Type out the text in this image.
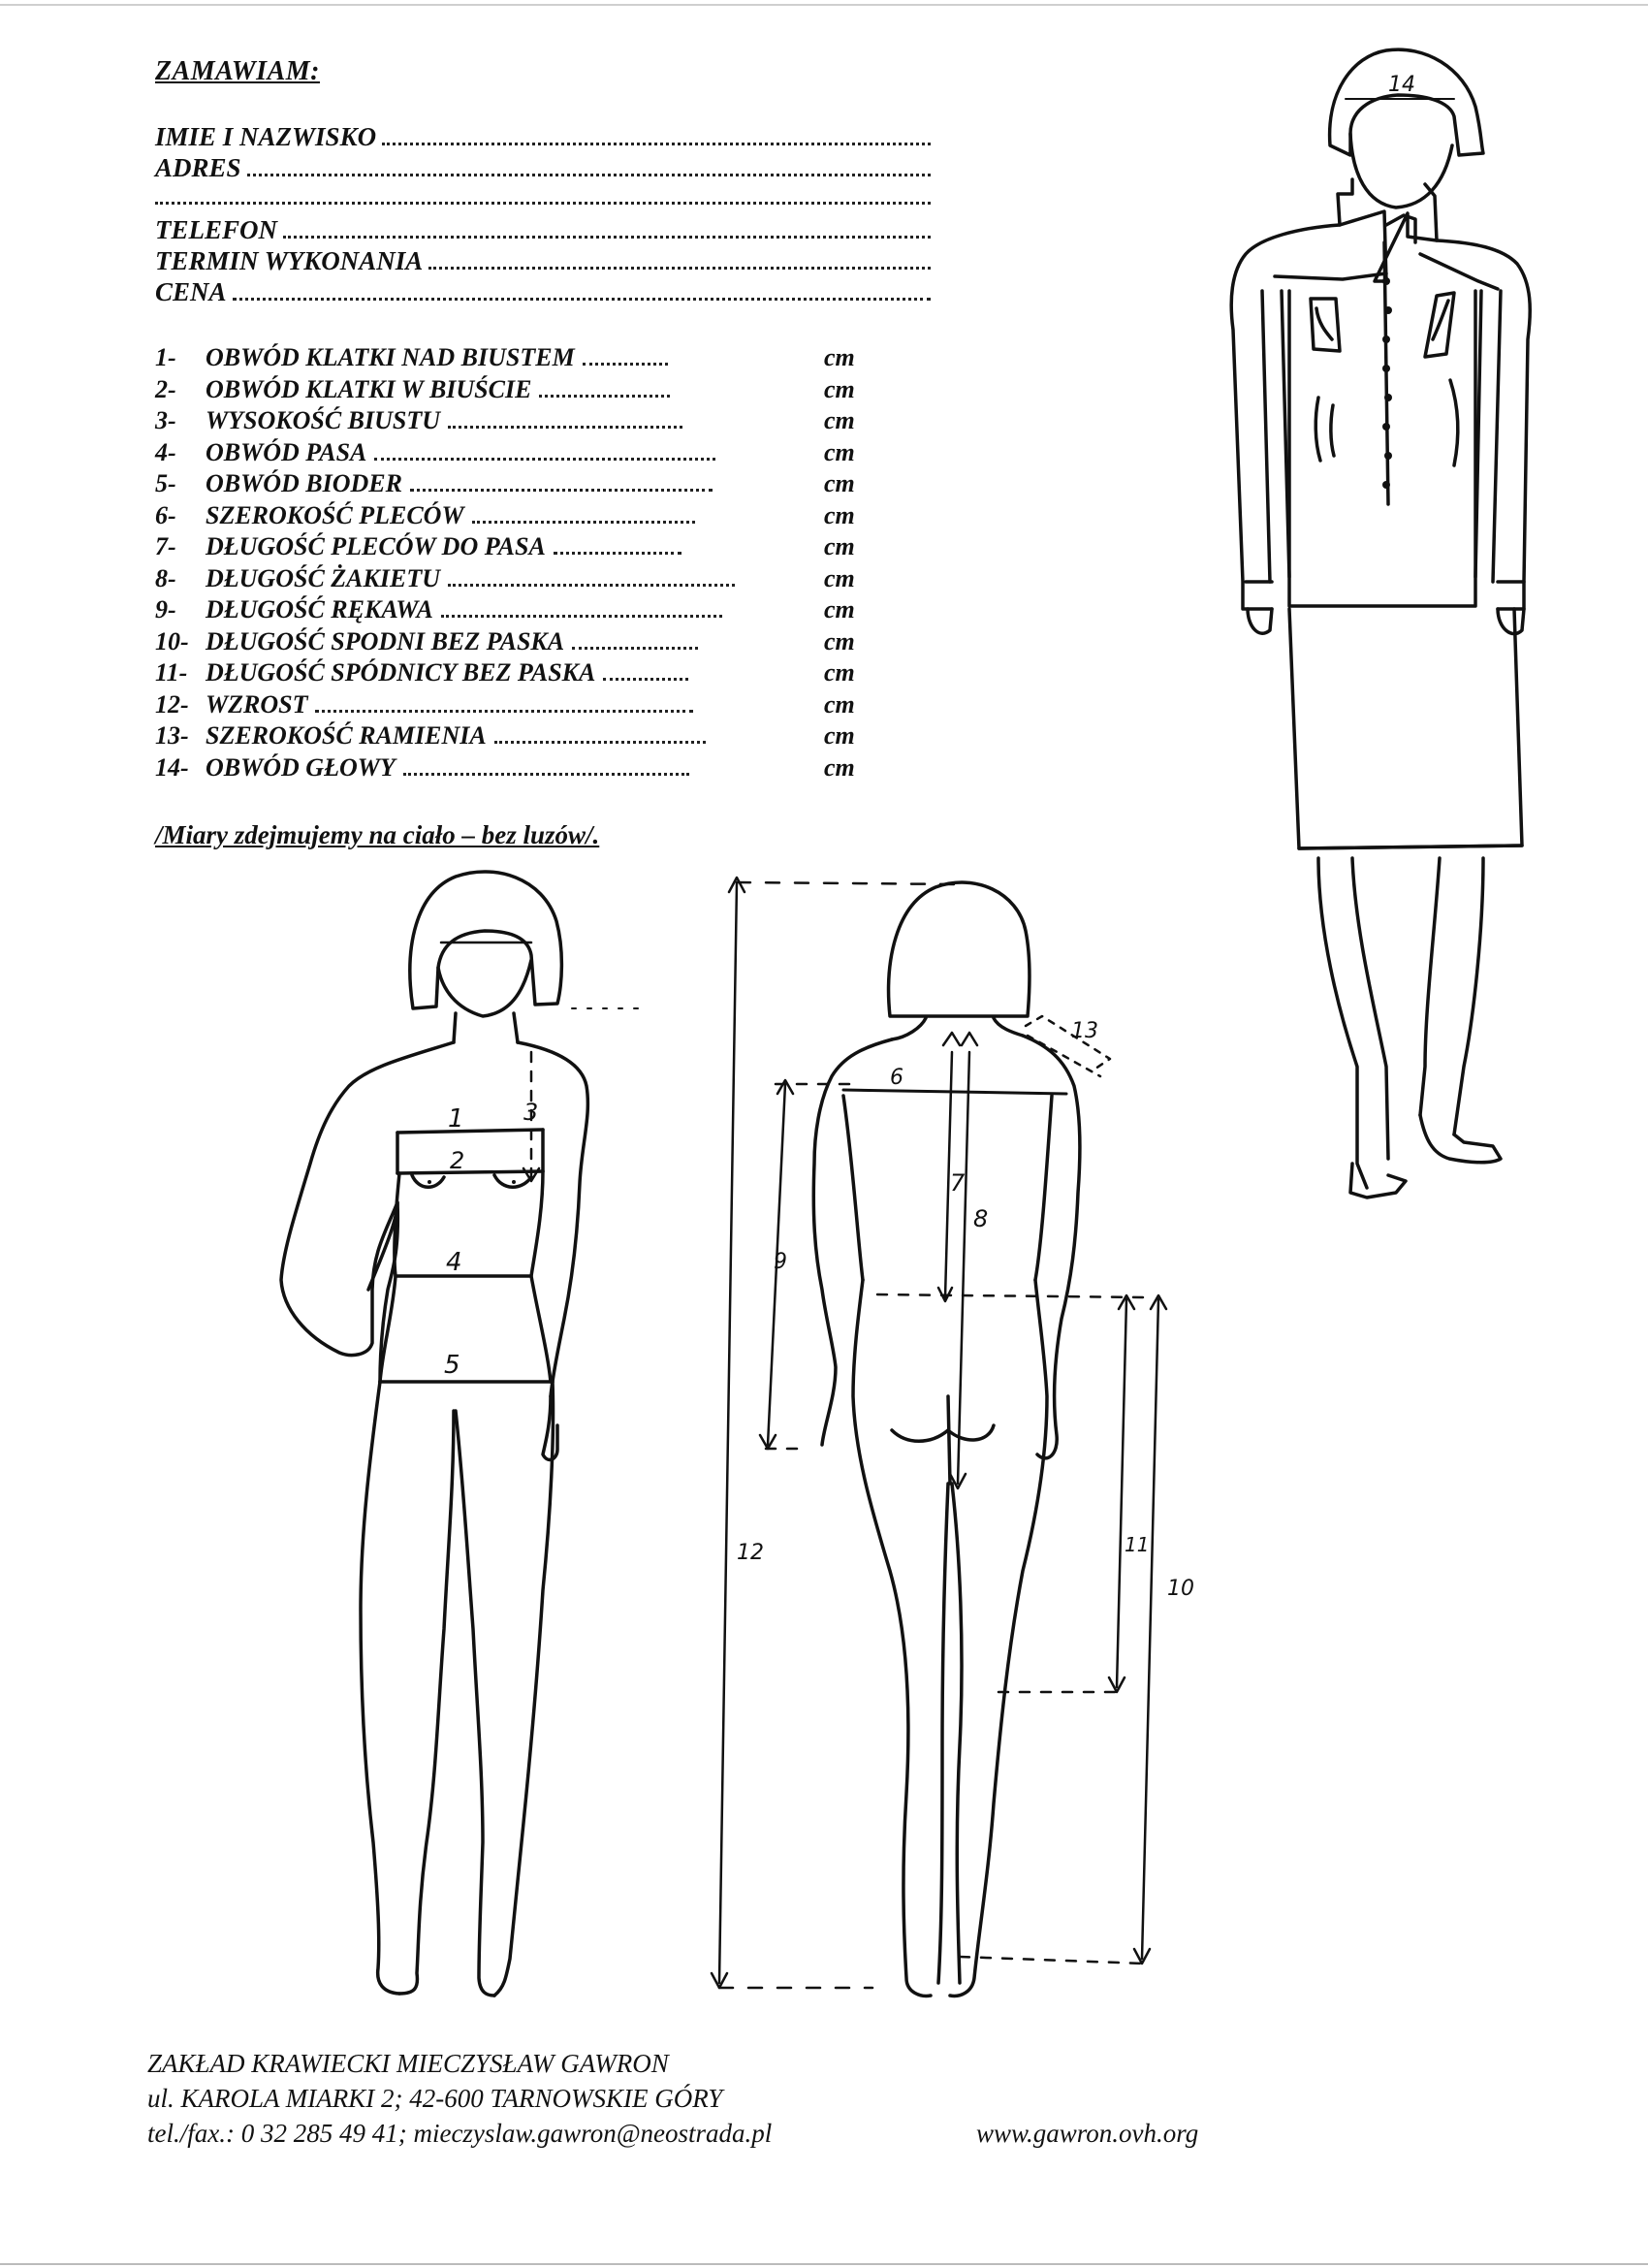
ZAMAWIAM:
IMIE I NAZWISKO
ADRES
TELEFON
TERMIN WYKONANIA
CENA
1-	OBWÓD KLATKI NAD BIUSTEM	cm
2-	OBWÓD KLATKI W BIUŚCIE	cm
3-	WYSOKOŚĆ BIUSTU	cm
4-	OBWÓD PASA	cm
5-	OBWÓD BIODER	cm
6-	SZEROKOŚĆ PLECÓW	cm
7-	DŁUGOŚĆ PLECÓW DO PASA	cm
8-	DŁUGOŚĆ ŻAKIETU	cm
9-	DŁUGOŚĆ RĘKAWA	cm
10- DŁUGOŚĆ SPODNI BEZ PASKA	cm
11- DŁUGOŚĆ SPÓDNICY BEZ PASKA	cm
12- WZROST	cm
13- SZEROKOŚĆ RAMIENIA	cm
14- OBWÓD GŁOWY	cm
/Miary zdejmujemy na ciało – bez luzów/.
14
1
2
3
4
5
6
7
8
9
10
11
12
13
ZAKŁAD KRAWIECKI MIECZYSŁAW GAWRON
ul. KAROLA MIARKI 2; 42-600 TARNOWSKIE GÓRY
tel./fax.: 0 32 285 49 41; mieczyslaw.gawron@neostrada.pl	www.gawron.ovh.org
